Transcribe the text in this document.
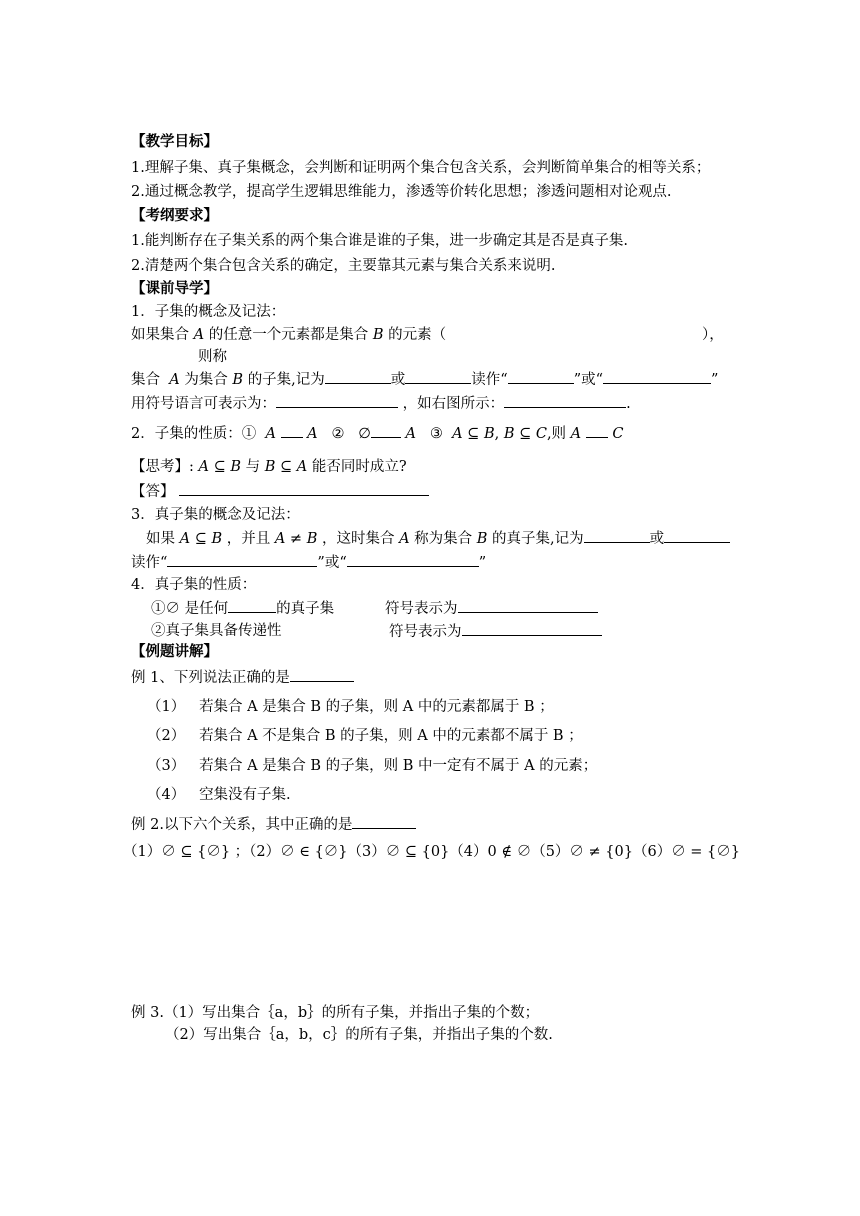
【教学目标】
1.理解子集、真子集概念，会判断和证明两个集合包含关系，会判断简单集合的相等关系；
2.通过概念教学，提高学生逻辑思维能力，渗透等价转化思想；渗透问题相对论观点.
【考纲要求】
1.能判断存在子集关系的两个集合谁是谁的子集，进一步确定其是否是真子集.
2.清楚两个集合包含关系的确定，主要靠其元素与集合关系来说明.
【课前导学】
1．子集的概念及记法：
如果集合 A 的任意一个元素都是集合 B 的元素（	），
则称
集合 A 为集合 B 的子集,记为	或	读作“	”或“	”
用符号语言可表示为：	，如右图所示：	.
2．子集的性质：① A A ②   ∅ A ③ A ⊆ B, B ⊆ C,则 A C
【思考】: A ⊆ B 与 B ⊆ A 能否同时成立?
【答】
3．真子集的概念及记法：
如果 A ⊆ B ，并且 A ≠ B ，这时集合 A 称为集合 B 的真子集,记为	或
读作“	”或“	”
4．真子集的性质：
①∅ 是任何	的真子集	符号表示为
②真子集具备传递性	符号表示为
【例题讲解】
例 1、下列说法正确的是
（1） 若集合 A 是集合 B 的子集，则 A 中的元素都属于 B ；
（2） 若集合 A 不是集合 B 的子集，则 A 中的元素都不属于 B ；
（3） 若集合 A 是集合 B 的子集，则 B 中一定有不属于 A 的元素；
（4） 空集没有子集.
例 2.以下六个关系，其中正确的是
（1）∅ ⊆ {∅} ；（2）∅ ∈ {∅}（3）∅ ⊆ {0}（4）0 ∉ ∅（5）∅ ≠ {0}（6）∅ = {∅}
例 3.（1）写出集合｛a，b｝的所有子集，并指出子集的个数；
（2）写出集合｛a，b，c｝的所有子集，并指出子集的个数.
